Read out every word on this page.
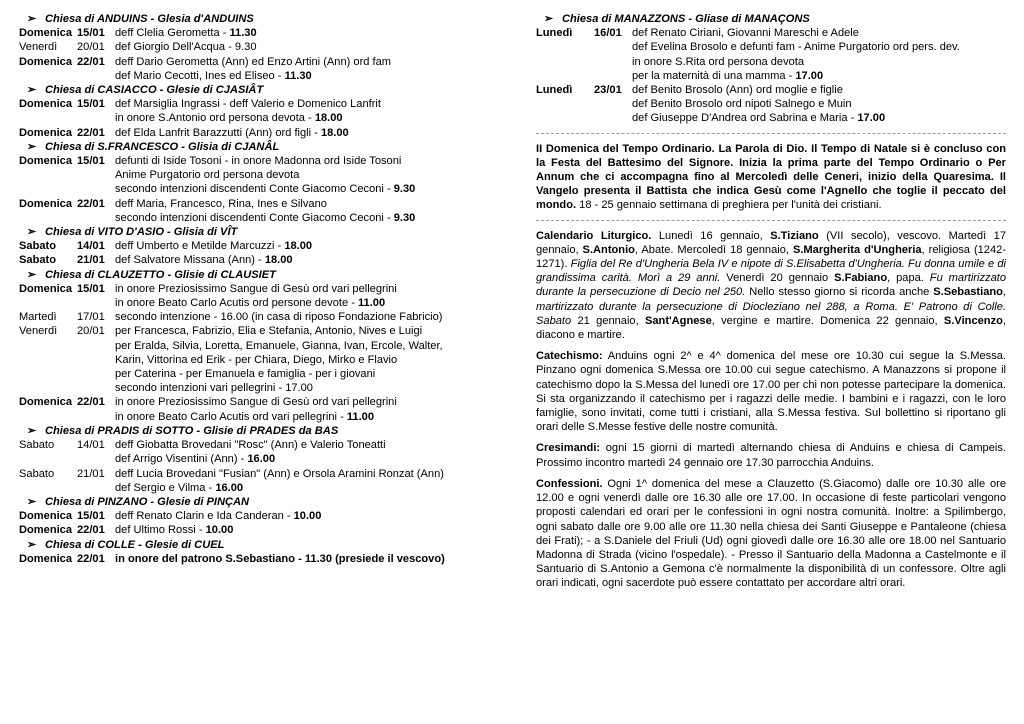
➢ Chiesa di ANDUINS - Glesia d'ANDUINS
Domenica 15/01 deff Clelia Gerometta - 11.30
Venerdì	20/01 def Giorgio Dell'Acqua - 9.30
Domenica 22/01 deff Dario Gerometta (Ann) ed Enzo Artini (Ann) ord fam
def Mario Cecotti, Ines ed Eliseo - 11.30
➢ Chiesa di CASIACCO - Glesie di CJASIÂT
Domenica 15/01 def Marsiglia Ingrassi - deff Valerio e Domenico Lanfrit
in onore S.Antonio ord persona devota - 18.00
Domenica 22/01 def Elda Lanfrit Barazzutti (Ann) ord figli - 18.00
➢ Chiesa di S.FRANCESCO - Glisia di CJANÂL
Domenica 15/01 defunti di Iside Tosoni - in onore Madonna ord Iside Tosoni
Anime Purgatorio ord persona devota
secondo intenzioni discendenti Conte Giacomo Ceconi - 9.30
Domenica 22/01 deff Maria, Francesco, Rina, Ines e Silvano
secondo intenzioni discendenti Conte Giacomo Ceconi - 9.30
➢ Chiesa di VITO D'ASIO - Glisia di VÎT
Sabato	14/01 deff Umberto e Metilde Marcuzzi - 18.00
Sabato	21/01 def Salvatore Missana (Ann) - 18.00
➢ Chiesa di CLAUZETTO - Glisie di CLAUSIET
Domenica 15/01 in onore Preziosissimo Sangue di Gesù ord vari pellegrini
in onore Beato Carlo Acutis ord persone devote - 11.00
Martedì	17/01 secondo intenzione - 16.00 (in casa di riposo Fondazione Fabricio)
Venerdì	20/01 per Francesca, Fabrizio, Elia e Stefania, Antonio, Nives e Luigi
per Eralda, Silvia, Loretta, Emanuele, Gianna, Ivan, Ercole, Walter,
Karin, Vittorina ed Erik - per Chiara, Diego, Mirko e Flavio
per Caterina - per Emanuela e famiglia - per i giovani
secondo intenzioni vari pellegrini - 17.00
Domenica 22/01 in onore Preziosissimo Sangue di Gesù ord vari pellegrini
in onore Beato Carlo Acutis ord vari pellegrini - 11.00
➢ Chiesa di PRADIS di SOTTO - Glisie di PRADES da BAS
Sabato	14/01 deff Giobatta Brovedani "Rosc" (Ann) e Valerio Toneatti
def Arrigo Visentini (Ann) - 16.00
Sabato	21/01 deff Lucia Brovedani "Fusian" (Ann) e Orsola Aramini Ronzat (Ann)
def Sergio e Vilma - 16.00
➢ Chiesa di PINZANO - Glesie di PINÇAN
Domenica 15/01 deff Renato Clarin e Ida Canderan - 10.00
Domenica 22/01 def Ultimo Rossi - 10.00
➢ Chiesa di COLLE - Glesie di CUEL
Domenica 22/01 in onore del patrono S.Sebastiano - 11.30 (presiede il vescovo)
➢ Chiesa di MANAZZONS - Gliase di MANAÇONS
Lunedì	16/01 def Renato Ciriani, Giovanni Mareschi e Adele
def Evelina Brosolo e defunti fam - Anime Purgatorio ord pers. dev.
in onore S.Rita ord persona devota
per la maternità di una mamma - 17.00
Lunedì	23/01 def Benito Brosolo (Ann) ord moglie e figlie
def Benito Brosolo ord nipoti Salnego e Muin
def Giuseppe D'Andrea ord Sabrina e Maria - 17.00
II Domenica del Tempo Ordinario. La Parola di Dio. Il Tempo di Natale si è concluso con la Festa del Battesimo del Signore. Inizia la prima parte del Tempo Ordinario o Per Annum che ci accompagna fino al Mercoledì delle Ceneri, inizio della Quaresima. Il Vangelo presenta il Battista che indica Gesù come l'Agnello che toglie il peccato del mondo. 18 - 25 gennaio settimana di preghiera per l'unità dei cristiani.
Calendario Liturgico. Lunedì 16 gennaio, S.Tiziano (VII secolo), vescovo. Martedì 17 gennaio, S.Antonio, Abate. Mercoledì 18 gennaio, S.Margherita d'Ungheria, religiosa (1242-1271). Figlia del Re d'Ungheria Bela IV e nipote di S.Elisabetta d'Ungheria. Fu donna umile e di grandissima carità. Morì a 29 anni. Venerdì 20 gennaio S.Fabiano, papa. Fu martirizzato durante la persecuzione di Decio nel 250. Nello stesso giorno si ricorda anche S.Sebastiano, martirizzato durante la persecuzione di Diocleziano nel 288, a Roma. E' Patrono di Colle. Sabato 21 gennaio, Sant'Agnese, vergine e martire. Domenica 22 gennaio, S.Vincenzo, diacono e martire.
Catechismo: Anduins ogni 2^ e 4^ domenica del mese ore 10.30 cui segue la S.Messa. Pinzano ogni domenica S.Messa ore 10.00 cui segue catechismo. A Manazzons si propone il catechismo dopo la S.Messa del lunedì ore 17.00 per chi non potesse partecipare la domenica. Si sta organizzando il catechismo per i ragazzi delle medie. I bambini e i ragazzi, con le loro famiglie, sono invitati, come tutti i cristiani, alla S.Messa festiva. Sul bollettino si riportano gli orari delle S.Messe festive delle nostre comunità.
Cresimandi: ogni 15 giorni di martedì alternando chiesa di Anduins e chiesa di Campeis. Prossimo incontro martedì 24 gennaio ore 17.30 parrocchia Anduins.
Confessioni. Ogni 1^ domenica del mese a Clauzetto (S.Giacomo) dalle ore 10.30 alle ore 12.00 e ogni venerdì dalle ore 16.30 alle ore 17.00. In occasione di feste particolari vengono proposti calendari ed orari per le confessioni in ogni nostra comunità. Inoltre: a Spilimbergo, ogni sabato dalle ore 9.00 alle ore 11.30 nella chiesa dei Santi Giuseppe e Pantaleone (chiesa dei Frati); - a S.Daniele del Friuli (Ud) ogni giovedì dalle ore 16.30 alle ore 18.00 nel Santuario Madonna di Strada (vicino l'ospedale). - Presso il Santuario della Madonna a Castelmonte e il Santuario di S.Antonio a Gemona c'è normalmente la disponibilità di un confessore. Oltre agli orari indicati, ogni sacerdote può essere contattato per accordare altri orari.
